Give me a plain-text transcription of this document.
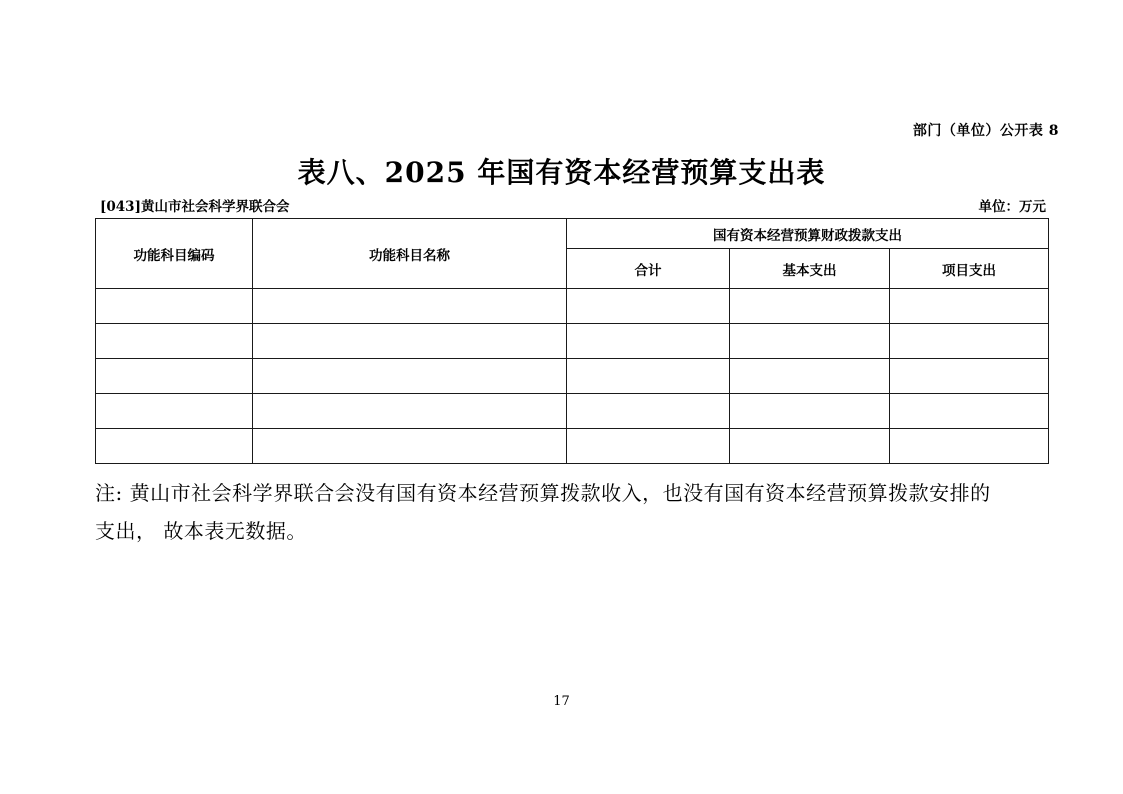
部门（单位）公开表 8
表八、2025 年国有资本经营预算支出表
[043]黄山市社会科学界联合会	单位：万元
功能科目编码	功能科目名称	国有资本经营预算财政拨款支出		
		合计	基本支出	项目支出

注: 黄山市社会科学界联合会没有国有资本经营预算拨款收入，也没有国有资本经营预算拨款安排的
支出， 故本表无数据。
17
